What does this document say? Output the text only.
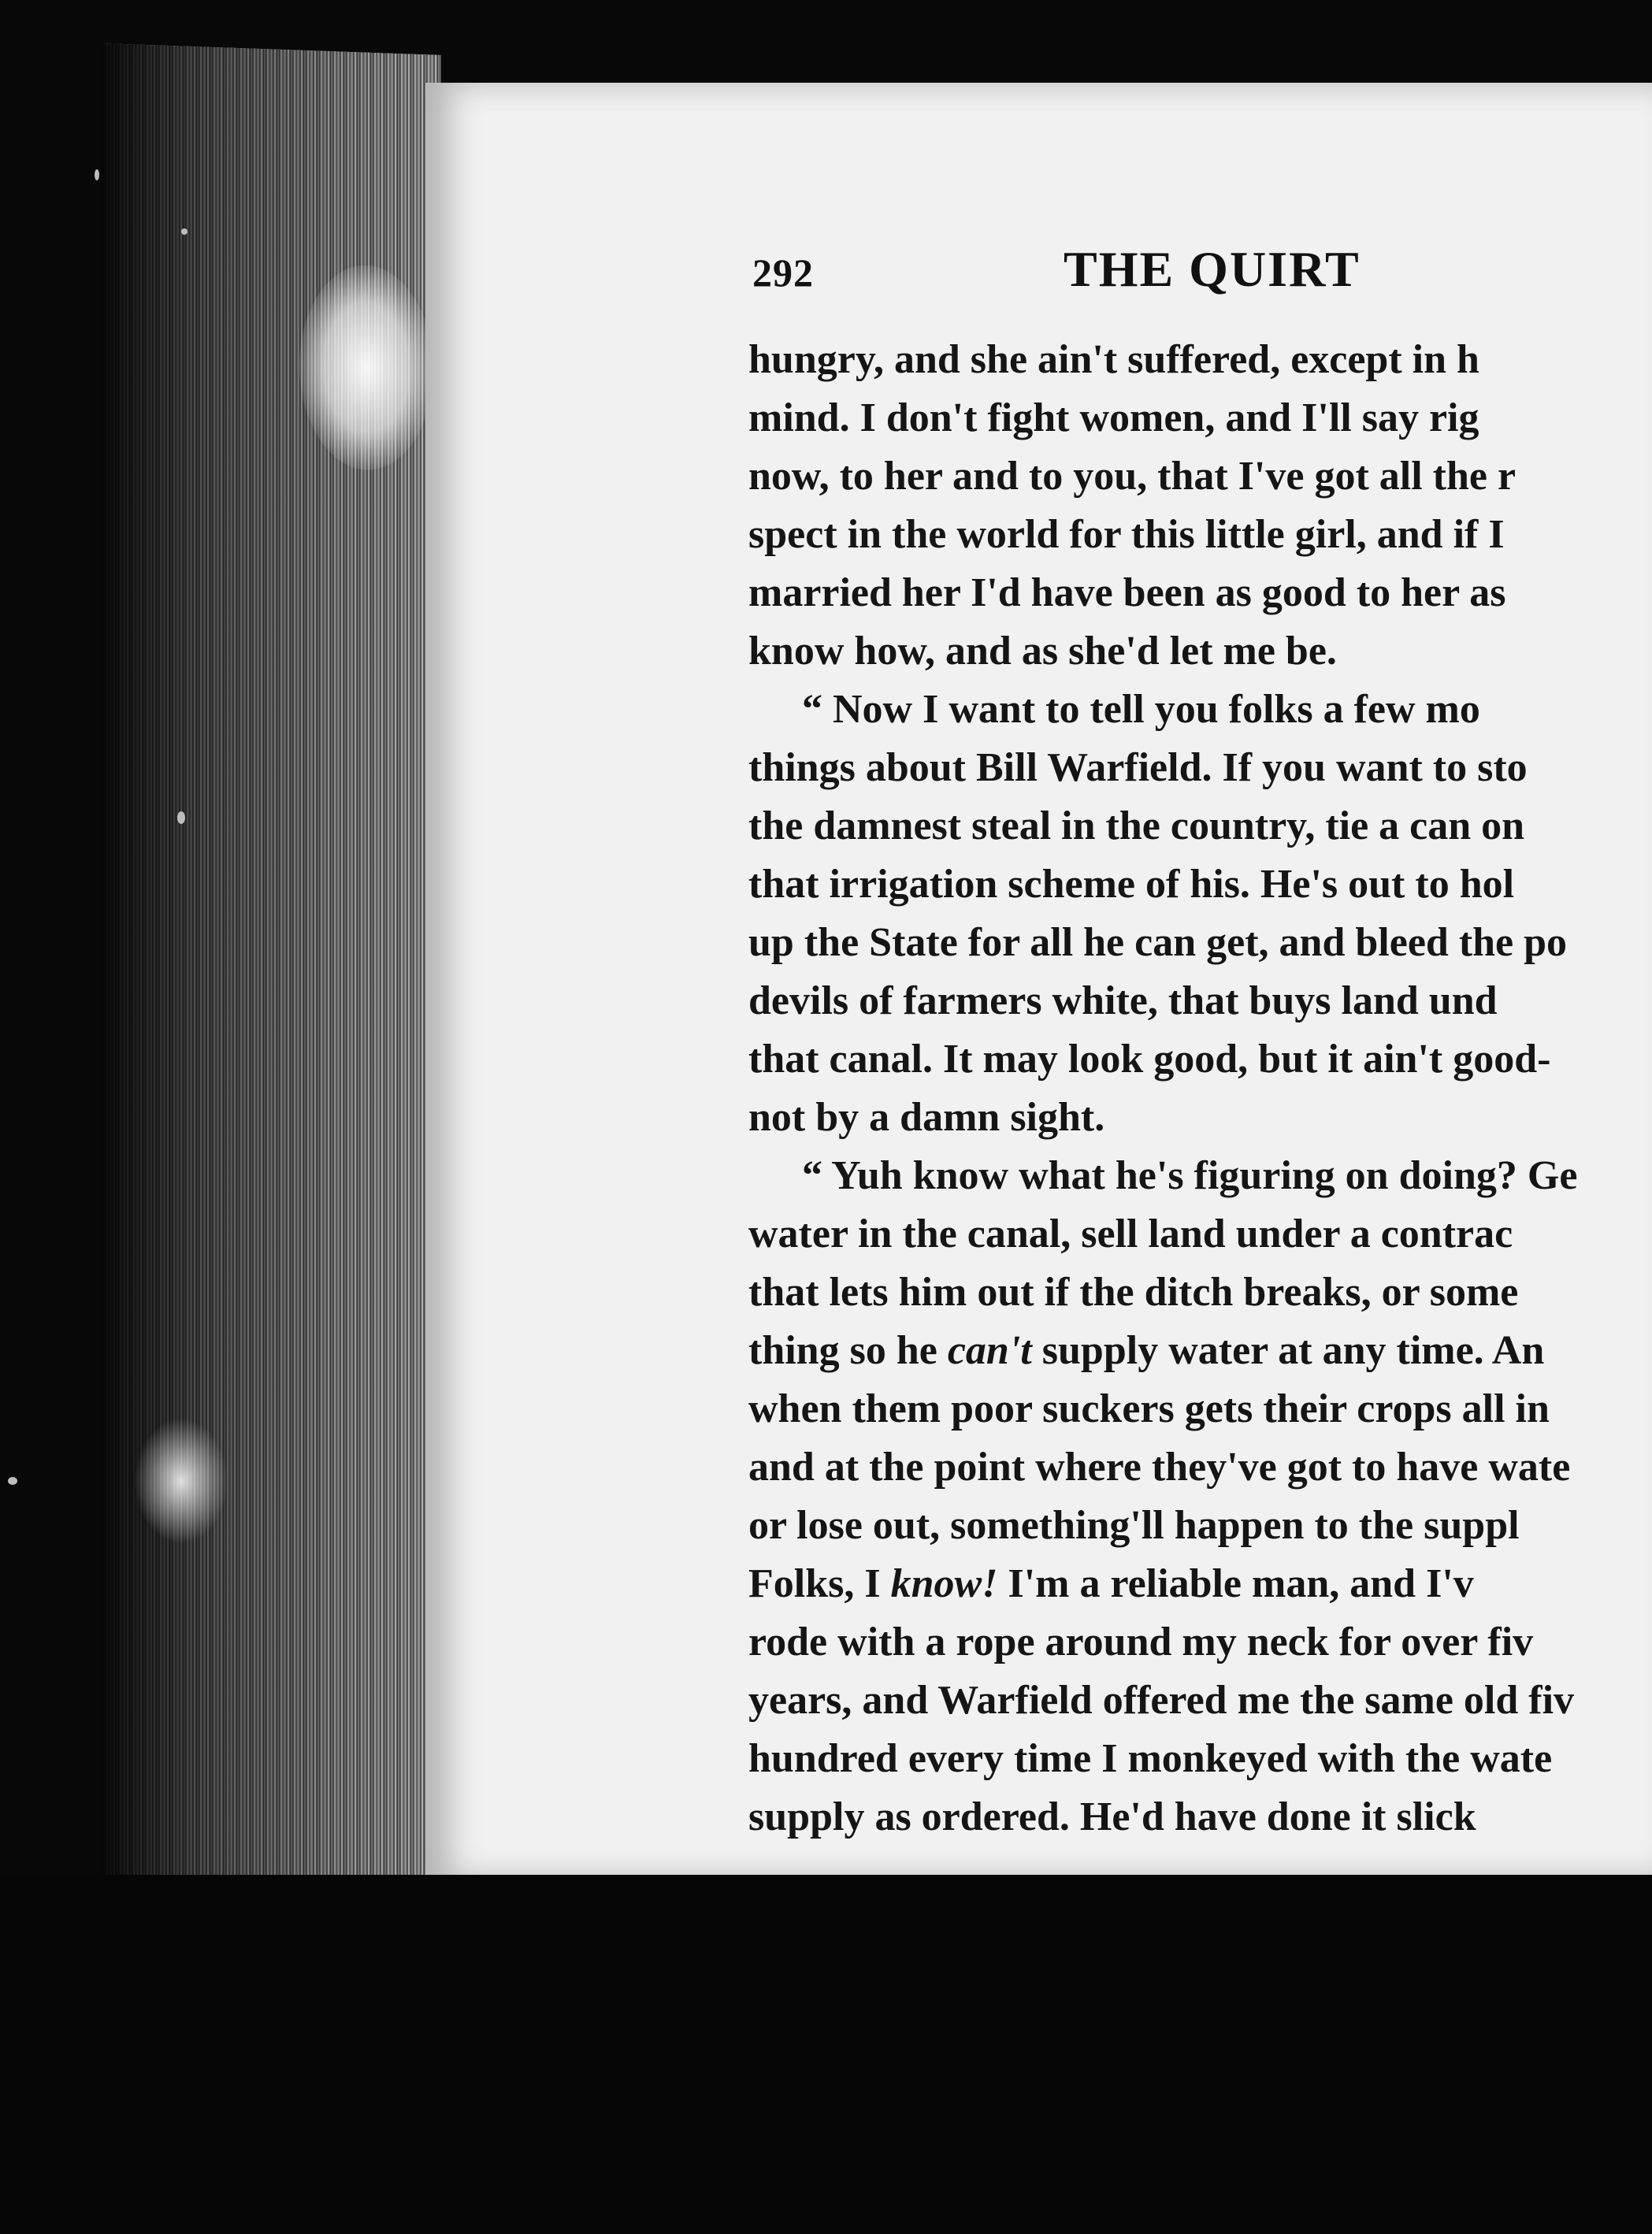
292	THE QUIRT
hungry, and she ain't suffered, except in h
mind. I don't fight women, and I'll say rig
now, to her and to you, that I've got all the r
spect in the world for this little girl, and if I
married her I'd have been as good to her as
know how, and as she'd let me be.
“ Now I want to tell you folks a few mo
things about Bill Warfield. If you want to sto
the damnest steal in the country, tie a can on
that irrigation scheme of his. He's out to hol
up the State for all he can get, and bleed the po
devils of farmers white, that buys land und
that canal. It may look good, but it ain't good-
not by a damn sight.
“ Yuh know what he's figuring on doing? Ge
water in the canal, sell land under a contrac
that lets him out if the ditch breaks, or some
thing so he can't supply water at any time. An
when them poor suckers gets their crops all in
and at the point where they've got to have wate
or lose out, something'll happen to the suppl
Folks, I know! I'm a reliable man, and I'v
rode with a rope around my neck for over fiv
years, and Warfield offered me the same old fiv
hundred every time I monkeyed with the wate
supply as ordered. He'd have done it slick
